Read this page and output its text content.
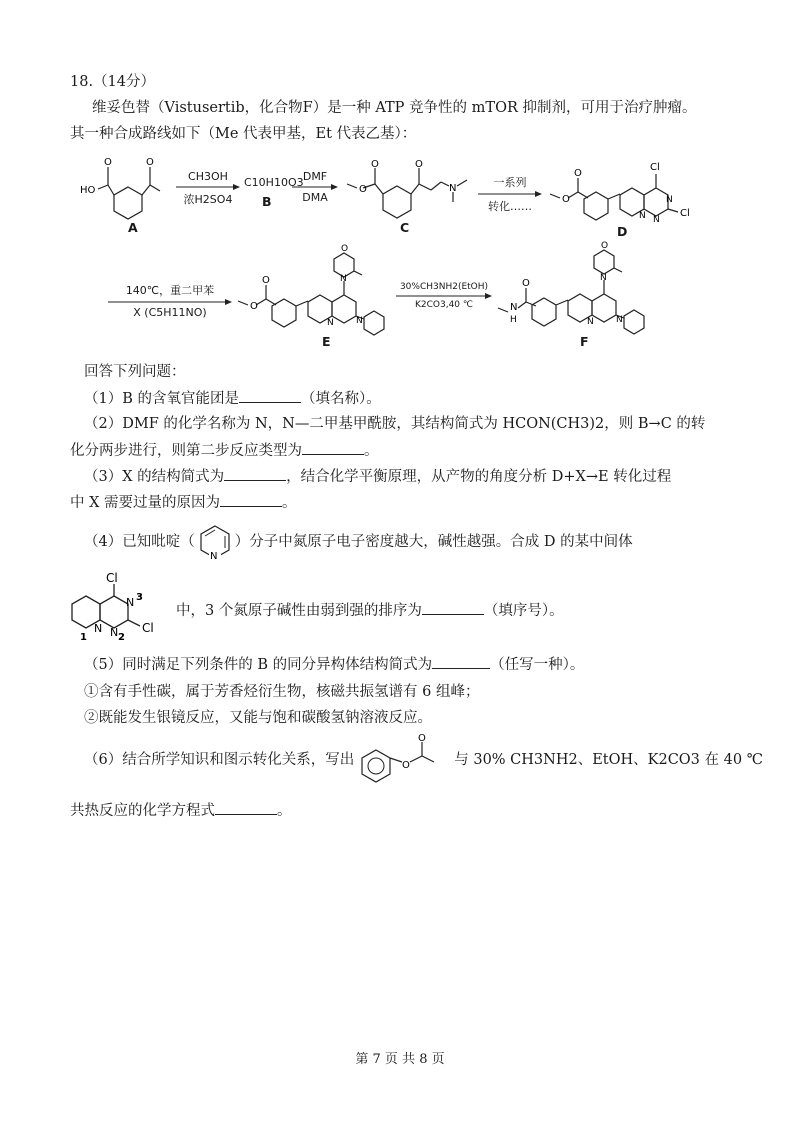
18.（14分）
维妥色替（Vistusertib，化合物F）是一种 ATP 竞争性的 mTOR 抑制剂，可用于治疗肿瘤。
其一种合成路线如下（Me 代表甲基，Et 代表乙基）：
O	O
HO
A
CH3OH
浓H2SO4
C10H10O3
B
DMF
DMA
O
O	O
N
C
一系列
转化……
O
O
N N
N
Cl
Cl
D
140℃，重二甲苯
X (C5H11NO)	O
O	N
O
N N
E
30%CH3NH2(EtOH)
K2CO3,40 ℃	N
H
O	N
O
N N
F
回答下列问题：
（1）B 的含氧官能团是	（填名称）。
（2）DMF 的化学名称为 N，N—二甲基甲酰胺，其结构简式为 HCON(CH3)2，则 B→C 的转
化分两步进行，则第二步反应类型为	。
（3）X 的结构简式为	，结合化学平衡原理，从产物的角度分析 D+X→E 转化过程
中 X 需要过量的原因为	。
（4）已知吡啶（
N
）分子中氮原子电子密度越大，碱性越强。合成 D 的某中间体
Cl
N 3
N N
1	2
Cl
中，3 个氮原子碱性由弱到强的排序为	（填序号）。
（5）同时满足下列条件的 B 的同分异构体结构简式为	（任写一种）。
①含有手性碳，属于芳香烃衍生物，核磁共振氢谱有 6 组峰；
②既能发生银镜反应，又能与饱和碳酸氢钠溶液反应。
（6）结合所学知识和图示转化关系，写出	O
O
与 30% CH3NH2、EtOH、K2CO3 在 40 ℃
共热反应的化学方程式	。
第 7 页 共 8 页
